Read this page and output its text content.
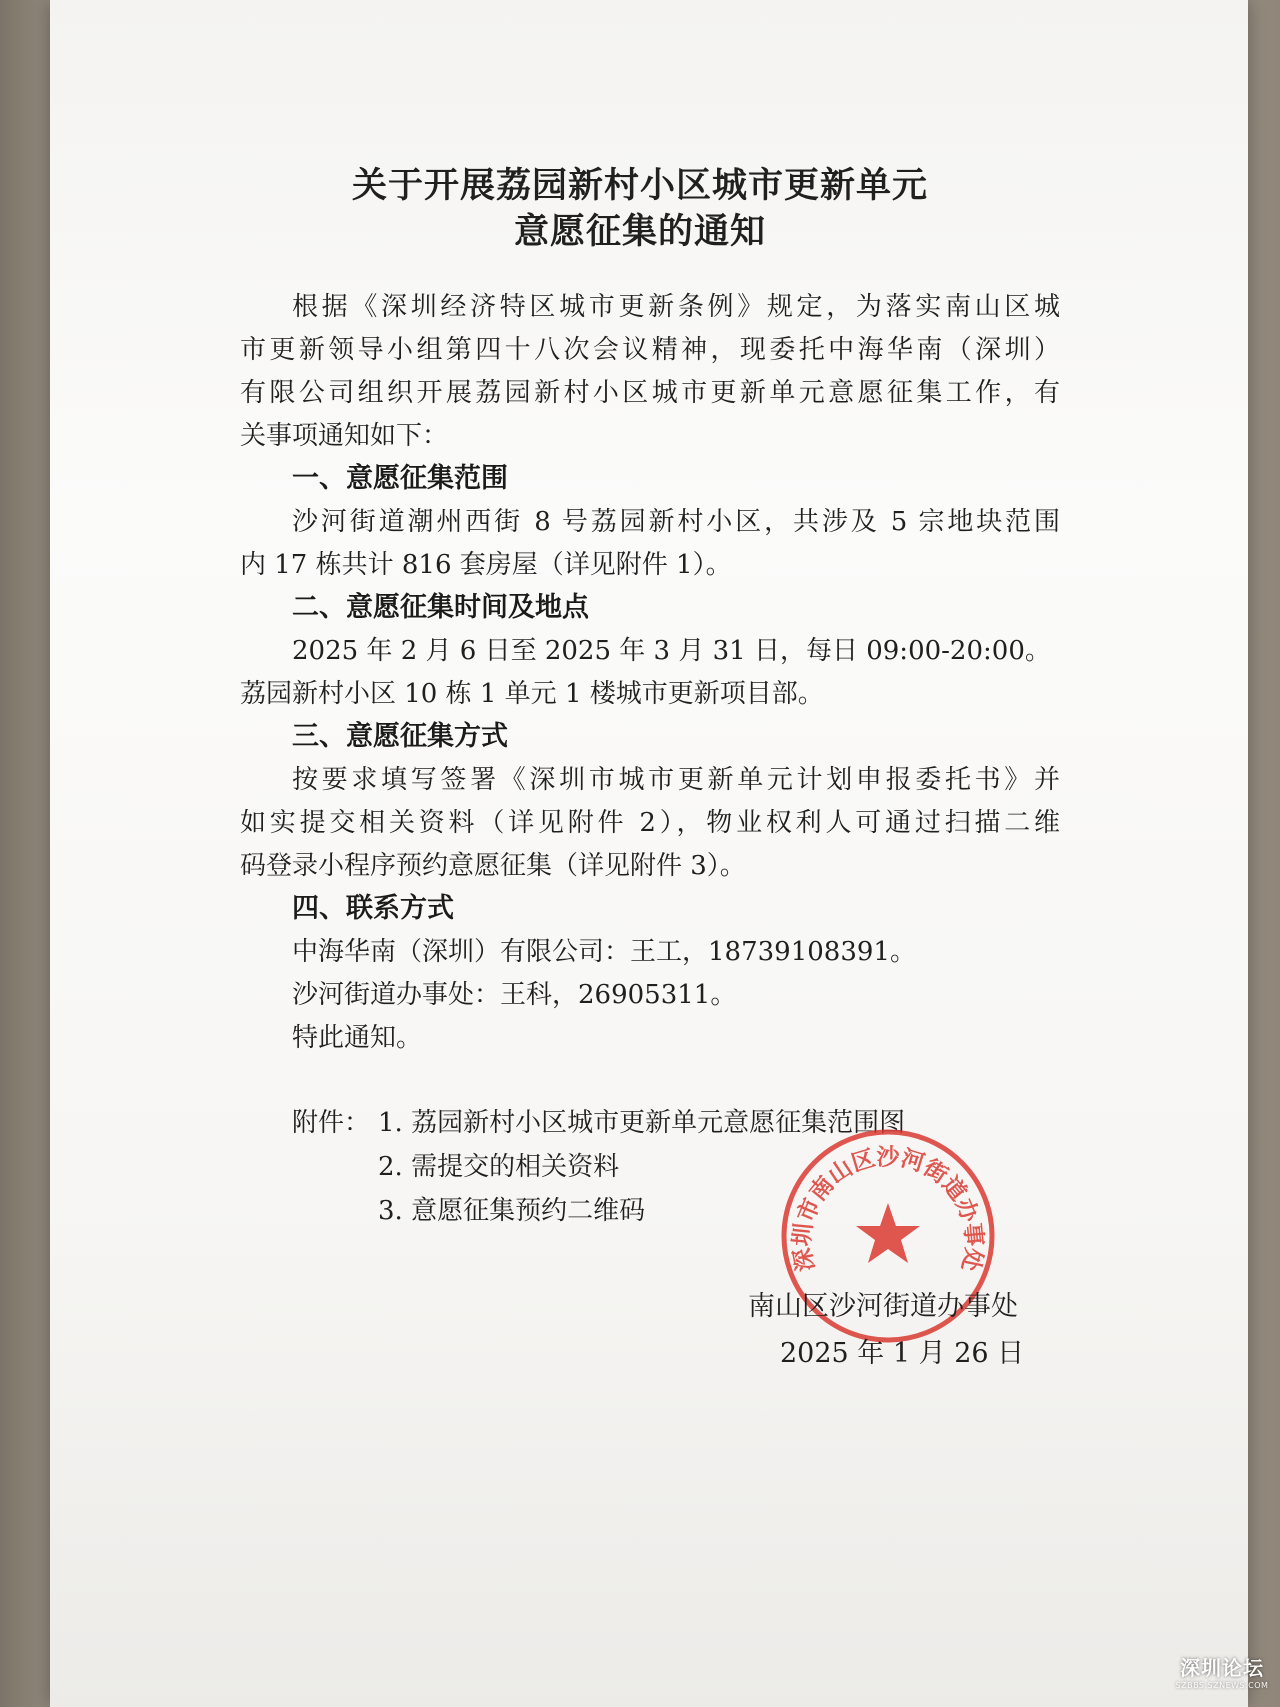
关于开展荔园新村小区城市更新单元
意愿征集的通知
根据《深圳经济特区城市更新条例》规定，为落实南山区城
市更新领导小组第四十八次会议精神，现委托中海华南（深圳）
有限公司组织开展荔园新村小区城市更新单元意愿征集工作，有
关事项通知如下：
一、意愿征集范围
沙河街道潮州西街 8 号荔园新村小区，共涉及 5 宗地块范围
内 17 栋共计 816 套房屋（详见附件 1）。
二、意愿征集时间及地点
2025 年 2 月 6 日至 2025 年 3 月 31 日，每日 09:00-20:00。
荔园新村小区 10 栋 1 单元 1 楼城市更新项目部。
三、意愿征集方式
按要求填写签署《深圳市城市更新单元计划申报委托书》并
如实提交相关资料（详见附件 2），物业权利人可通过扫描二维
码登录小程序预约意愿征集（详见附件 3）。
四、联系方式
中海华南（深圳）有限公司：王工，18739108391。
沙河街道办事处：王科，26905311。
特此通知。
附件： 1. 荔园新村小区城市更新单元意愿征集范围图
2. 需提交的相关资料
3. 意愿征集预约二维码
深圳市南山区沙河街道办事处
南山区沙河街道办事处
2025 年 1 月 26 日
深圳论坛
SZBBS.SZNEWS.COM
